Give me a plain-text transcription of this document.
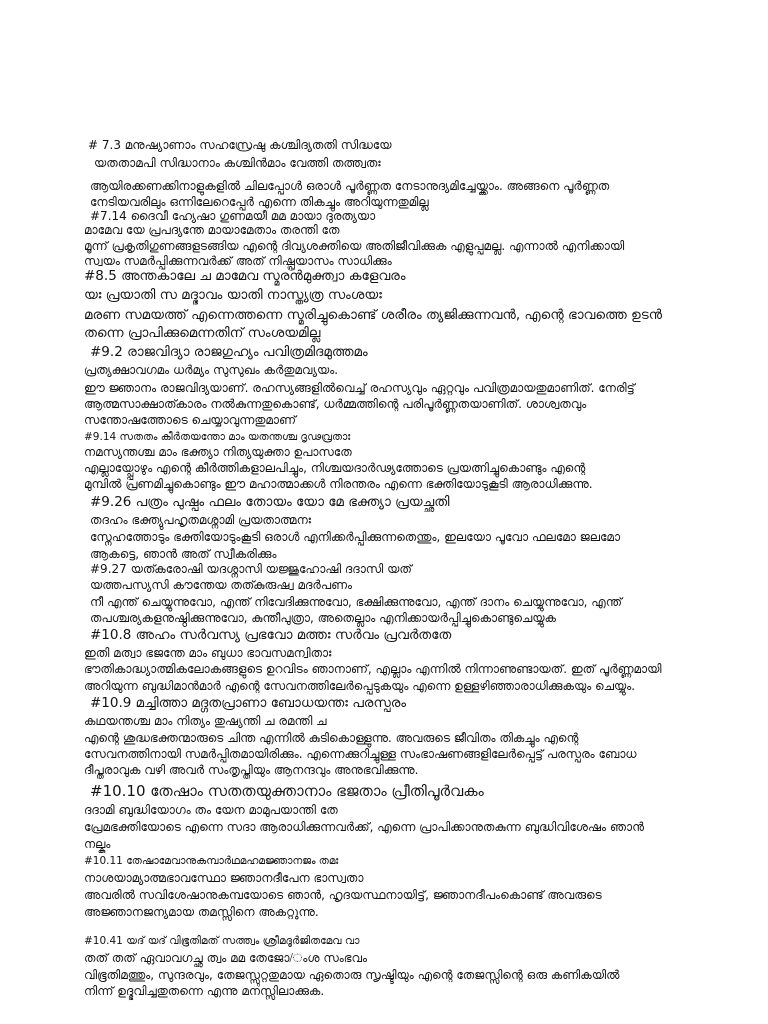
# 7.3 മനുഷ്യാണാം സഹസ്രേഷു കശ്ചിദ്യതതി സിദ്ധയേ
യതതാമപി സിദ്ധാനാം കശ്ചിൻമാം വേത്തി തത്ത്വതഃ
ആയിരക്കണക്കിനാളുകളിൽ ചിലപ്പോൾ ഒരാൾ പൂർണ്ണത നേടാനുദ്യമിച്ചേയ്ക്കാം. അങ്ങനെ പൂർണ്ണത
നേടിയവരിലും ഒന്നിലേറെപ്പേർ എന്നെ തികച്ചും അറിയുന്നതുമില്ല
#7.14 ദൈവീ ഹ്യേഷാ ഗുണമയീ മമ മായാ ദുരത്യയാ
മാമേവ യേ പ്രപദ്യന്തേ മായാമേതാം തരന്തി തേ
മൂന്ന് പ്രകൃതിഗുണങ്ങളടങ്ങിയ എന്റെ ദിവ്യശക്തിയെ അതിജീവിക്കുക എളുപ്പമല്ല. എന്നാൽ എനിക്കായി
സ്വയം സമർപ്പിക്കുന്നവർക്ക് അത് നിഷ്പ്രയാസം സാധിക്കും
#8.5 അന്തകാലേ ച മാമേവ സ്മരൻമുക്ത്വാ കളേവരം
യഃ പ്രയാതി സ മദ്ഭാവം യാതി നാസ്ത്യത്ര സംശയഃ
മരണ സമയത്ത് എന്നെത്തന്നെ സ്മരിച്ചുകൊണ്ട് ശരീരം ത്യജിക്കുന്നവൻ, എന്റെ ഭാവത്തെ ഉടൻ
തന്നെ പ്രാപിക്കുമെന്നതിന് സംശയമില്ല
#9.2 രാജവിദ്യാ രാജഗുഹ്യം പവിത്രമിദമുത്തമം
പ്രത്യക്ഷാവഗമം ധർമ്യം സുസുഖം കർതുമവ്യയം.
ഈ ജ്ഞാനം രാജവിദ്യയാണ്. രഹസ്യങ്ങളിൽവെച്ച് രഹസ്യവും ഏറ്റവും പവിത്രമായതുമാണിത്. നേരിട്ട്
ആത്മസാക്ഷാത്കാരം നൽകുന്നതുകൊണ്ട്, ധർമ്മത്തിന്റെ പരിപൂർണ്ണതയാണിത്. ശാശ്വതവും
സന്തോഷത്തോടെ ചെയ്യാവുന്നതുമാണ്
#9.14 സതതം കീർതയന്തോ മാം യതന്തശ്ച ദൃഢവ്രതാഃ
നമസ്യന്തശ്ച മാം ഭക്ത്യാ നിത്യയുക്താ ഉപാസതേ
എല്ലായ്പ്പോഴും എന്റെ കീർത്തികളാലപിച്ചും, നിശ്ചയദാർഢ്യത്തോടെ പ്രയത്നിച്ചുകൊണ്ടും എന്റെ
മുമ്പിൽ പ്രണമിച്ചുകൊണ്ടും ഈ മഹാത്മാക്കൾ നിരന്തരം എന്നെ ഭക്തിയോടുകൂടി ആരാധിക്കുന്നു.
#9.26 പത്രം പുഷ്പം ഫലം തോയം യോ മേ ഭക്ത്യാ പ്രയച്ഛതി
തദഹം ഭക്ത്യുപഹൃതമശ്നാമി പ്രയതാത്മനഃ
സ്നേഹത്തോടും ഭക്തിയോടുംകൂടി ഒരാൾ എനിക്കർപ്പിക്കുന്നതെന്തും, ഇലയോ പൂവോ ഫലമോ ജലമോ
ആകട്ടെ, ഞാൻ അത് സ്വീകരിക്കും
#9.27 യത്കരോഷി യദശ്നാസി യജ്ജുഹോഷി ദദാസി യത്
യത്തപസ്യസി കൗന്തേയ തത്കുരുഷ്വ മദർപണം
നീ എന്ത് ചെയ്യുന്നുവോ, എന്ത് നിവേദിക്കുന്നുവോ, ഭക്ഷിക്കുന്നുവോ, എന്ത് ദാനം ചെയ്യുന്നുവോ, എന്ത്
തപശ്ചര്യകളനുഷ്ഠിക്കുന്നുവോ, കുന്തീപുത്രാ, അതെല്ലാം എനിക്കായർപ്പിച്ചുകൊണ്ടുചെയ്യുക
#10.8 അഹം സർവസ്യ പ്രഭവോ മത്തഃ സർവം പ്രവർതതേ
ഇതി മത്വാ ഭജന്തേ മാം ബുധാ ഭാവസമന്വിതാഃ
ഭൗതികാദ്ധ്യാത്മികലോകങ്ങളുടെ ഉറവിടം ഞാനാണ്, എല്ലാം എന്നിൽ നിന്നാണുണ്ടായത്. ഇത് പൂർണ്ണമായി
അറിയുന്ന ബുദ്ധിമാൻമാർ എന്റെ സേവനത്തിലേർപ്പെടുകയും എന്നെ ഉള്ളഴിഞ്ഞാരാധിക്കുകയും ചെയ്യും.
#10.9 മച്ചിത്താ മദ്ഗതപ്രാണാ ബോധയന്തഃ പരസ്പരം
കഥയന്തശ്ച മാം നിത്യം തുഷ്യന്തി ച രമന്തി ച
എന്റെ ശുദ്ധഭക്തന്മാരുടെ ചിന്ത എന്നിൽ കുടികൊള്ളുന്നു. അവരുടെ ജീവിതം തികച്ചും എന്റെ
സേവനത്തിനായി സമർപ്പിതമായിരിക്കും. എന്നെക്കുറിച്ചുള്ള സംഭാഷണങ്ങളിലേർപ്പെട്ട് പരസ്പരം ബോധ
ദീപ്തരാവുക വഴി അവർ സംതൃപ്തിയും ആനന്ദവും അനുഭവിക്കുന്നു.
#10.10 തേഷാം സതതയുക്താനാം ഭജതാം പ്രീതിപൂർവകം
ദദാമി ബുദ്ധിയോഗം തം യേന മാമുപയാന്തി തേ
പ്രേമഭക്തിയോടെ എന്നെ സദാ ആരാധിക്കുന്നവർക്ക്, എന്നെ പ്രാപിക്കാനുതകുന്ന ബുദ്ധിവിശേഷം ഞാൻ
നല്കും
#10.11 തേഷാമേവാനുകമ്പാർഥമഹമജ്ഞാനജം തമഃ
നാശയാമ്യാത്മഭാവസ്ഥോ ജ്ഞാനദീപേന ഭാസ്വതാ
അവരിൽ സവിശേഷാനുകമ്പയോടെ ഞാൻ, ഹൃദയസ്ഥനായിട്ട്, ജ്ഞാനദീപംകൊണ്ട് അവരുടെ
അജ്ഞാനജന്യമായ തമസ്സിനെ അകറ്റുന്നു.
#10.41 യദ് യദ് വിഭൂതിമത് സത്ത്വം ശ്രീമദൂർജിതമേവ വാ
തത് തത് ഏവാവഗച്ഛ ത്വം മമ തേജോ/ംശ സംഭവം
വിഭൂതിമത്തും, സുന്ദരവും, തേജസ്സുറ്റതുമായ ഏതൊരു സൃഷ്ടിയും എന്റെ തേജസ്സിന്റെ ഒരു കണികയിൽ
നിന്ന് ഉദ്ഭവിച്ചതുതന്നെ എന്നു മനസ്സിലാക്കുക.
